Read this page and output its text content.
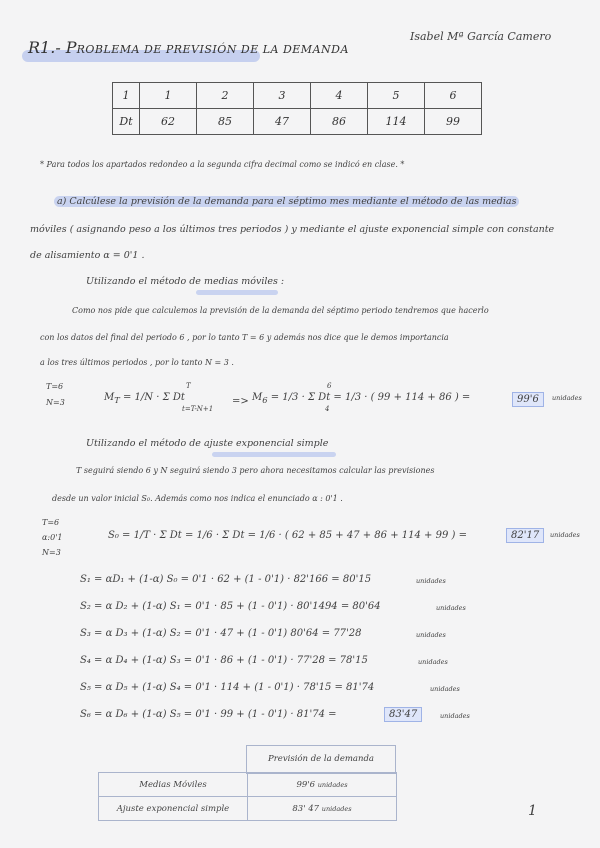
R1.- PROBLEMA DE PREVISIÓN DE LA DEMANDA
Isabel Mª García Camero
1	1	2	3	4	5	6
Dt	62	85	47	86	114	99
* Para todos los apartados redondeo a la segunda cifra decimal como se indicó en clase. *
a) Calcúlese la previsión de la demanda para el séptimo mes mediante el método de las medias
móviles ( asignando peso a los últimos tres periodos ) y mediante el ajuste exponencial simple con constante
de alisamiento α = 0'1 .
Utilizando el método de medias móviles :
Como nos pide que calculemos la previsión de la demanda del séptimo periodo tendremos que hacerlo
con los datos del final del periodo 6 , por lo tanto T = 6 y además nos dice que le demos importancia
a los tres últimos periodos , por lo tanto N = 3 .
T=6
N=3	$M_T = 1/N \cdot \Sigma$ Dt
T
t=T-N+1
=> $M_6 = 1/3 \cdot \Sigma$ Dt = 1/3 · ( 99 + 114 + 86 ) =
6
4
99'6	unidades
Utilizando el método de ajuste exponencial simple
T seguirá siendo 6 y N seguirá siendo 3 pero ahora necesitamos calcular las previsiones
desde un valor inicial S₀. Además como nos indica el enunciado α : 0'1 .
T=6
α:0'1
N=3
S₀ = 1/T · Σ Dt = 1/6 · Σ Dt = 1/6 · ( 62 + 85 + 47 + 86 + 114 + 99 ) =	82'17	unidades
S₁ = αD₁ + (1-α) S₀ = 0'1 · 62 + (1 - 0'1) · 82'166 = 80'15	unidades
S₂ = α D₂ + (1-α) S₁ = 0'1 · 85 + (1 - 0'1) · 80'1494 = 80'64	unidades
S₃ = α D₃ + (1-α) S₂ = 0'1 · 47 + (1 - 0'1) 80'64 = 77'28	unidades
S₄ = α D₄ + (1-α) S₃ = 0'1 · 86 + (1 - 0'1) · 77'28 = 78'15	unidades
S₅ = α D₅ + (1-α) S₄ = 0'1 · 114 + (1 - 0'1) · 78'15 = 81'74	unidades
S₆ = α D₆ + (1-α) S₅ = 0'1 · 99 + (1 - 0'1) · 81'74 =	83'47	unidades
Previsión de la demanda
Medias Móviles	99'6 unidades
Ajuste exponencial simple	83' 47 unidades	1
